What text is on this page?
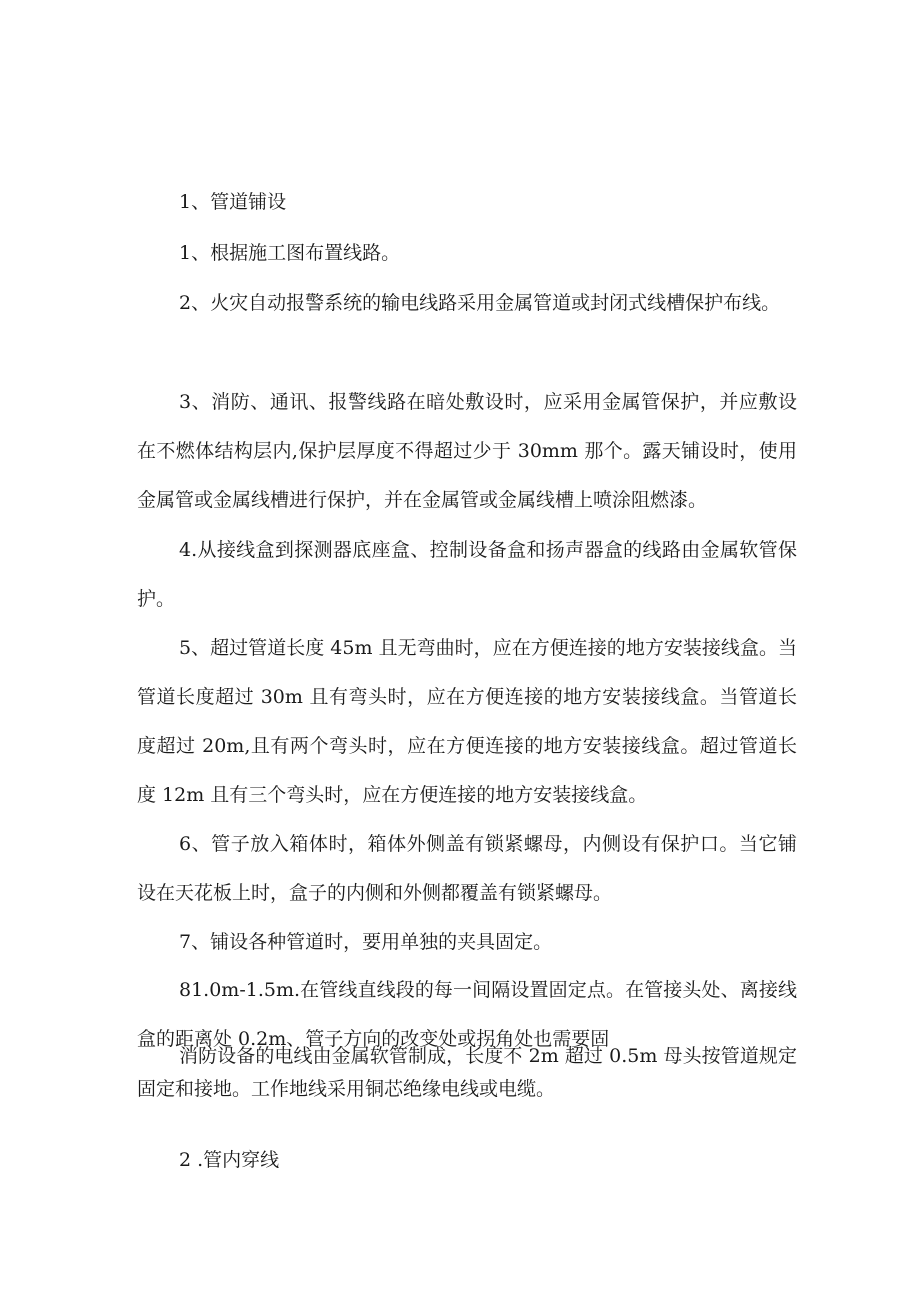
1、管道铺设

1、根据施工图布置线路。

2、火灾自动报警系统的输电线路采用金属管道或封闭式线槽保护布线。

3、消防、通讯、报警线路在暗处敷设时，应采用金属管保护，并应敷设在不燃体结构层内,保护层厚度不得超过少于 30mm 那个。露天铺设时，使用金属管或金属线槽进行保护，并在金属管或金属线槽上喷涂阻燃漆。

4.从接线盒到探测器底座盒、控制设备盒和扬声器盒的线路由金属软管保护。

5、超过管道长度 45m 且无弯曲时，应在方便连接的地方安装接线盒。当管道长度超过 30m 且有弯头时，应在方便连接的地方安装接线盒。当管道长度超过 20m,且有两个弯头时，应在方便连接的地方安装接线盒。超过管道长度 12m 且有三个弯头时，应在方便连接的地方安装接线盒。

6、管子放入箱体时，箱体外侧盖有锁紧螺母，内侧设有保护口。当它铺设在天花板上时，盒子的内侧和外侧都覆盖有锁紧螺母。

7、铺设各种管道时，要用单独的夹具固定。

81.0m-1.5m.在管线直线段的每一间隔设置固定点。在管接头处、离接线盒的距离处 0.2m、管子方向的改变处或拐角处也需要固

消防设备的电线由金属软管制成，长度不 2m 超过 0.5m 母头按管道规定固定和接地。工作地线采用铜芯绝缘电线或电缆。

2 .管内穿线
